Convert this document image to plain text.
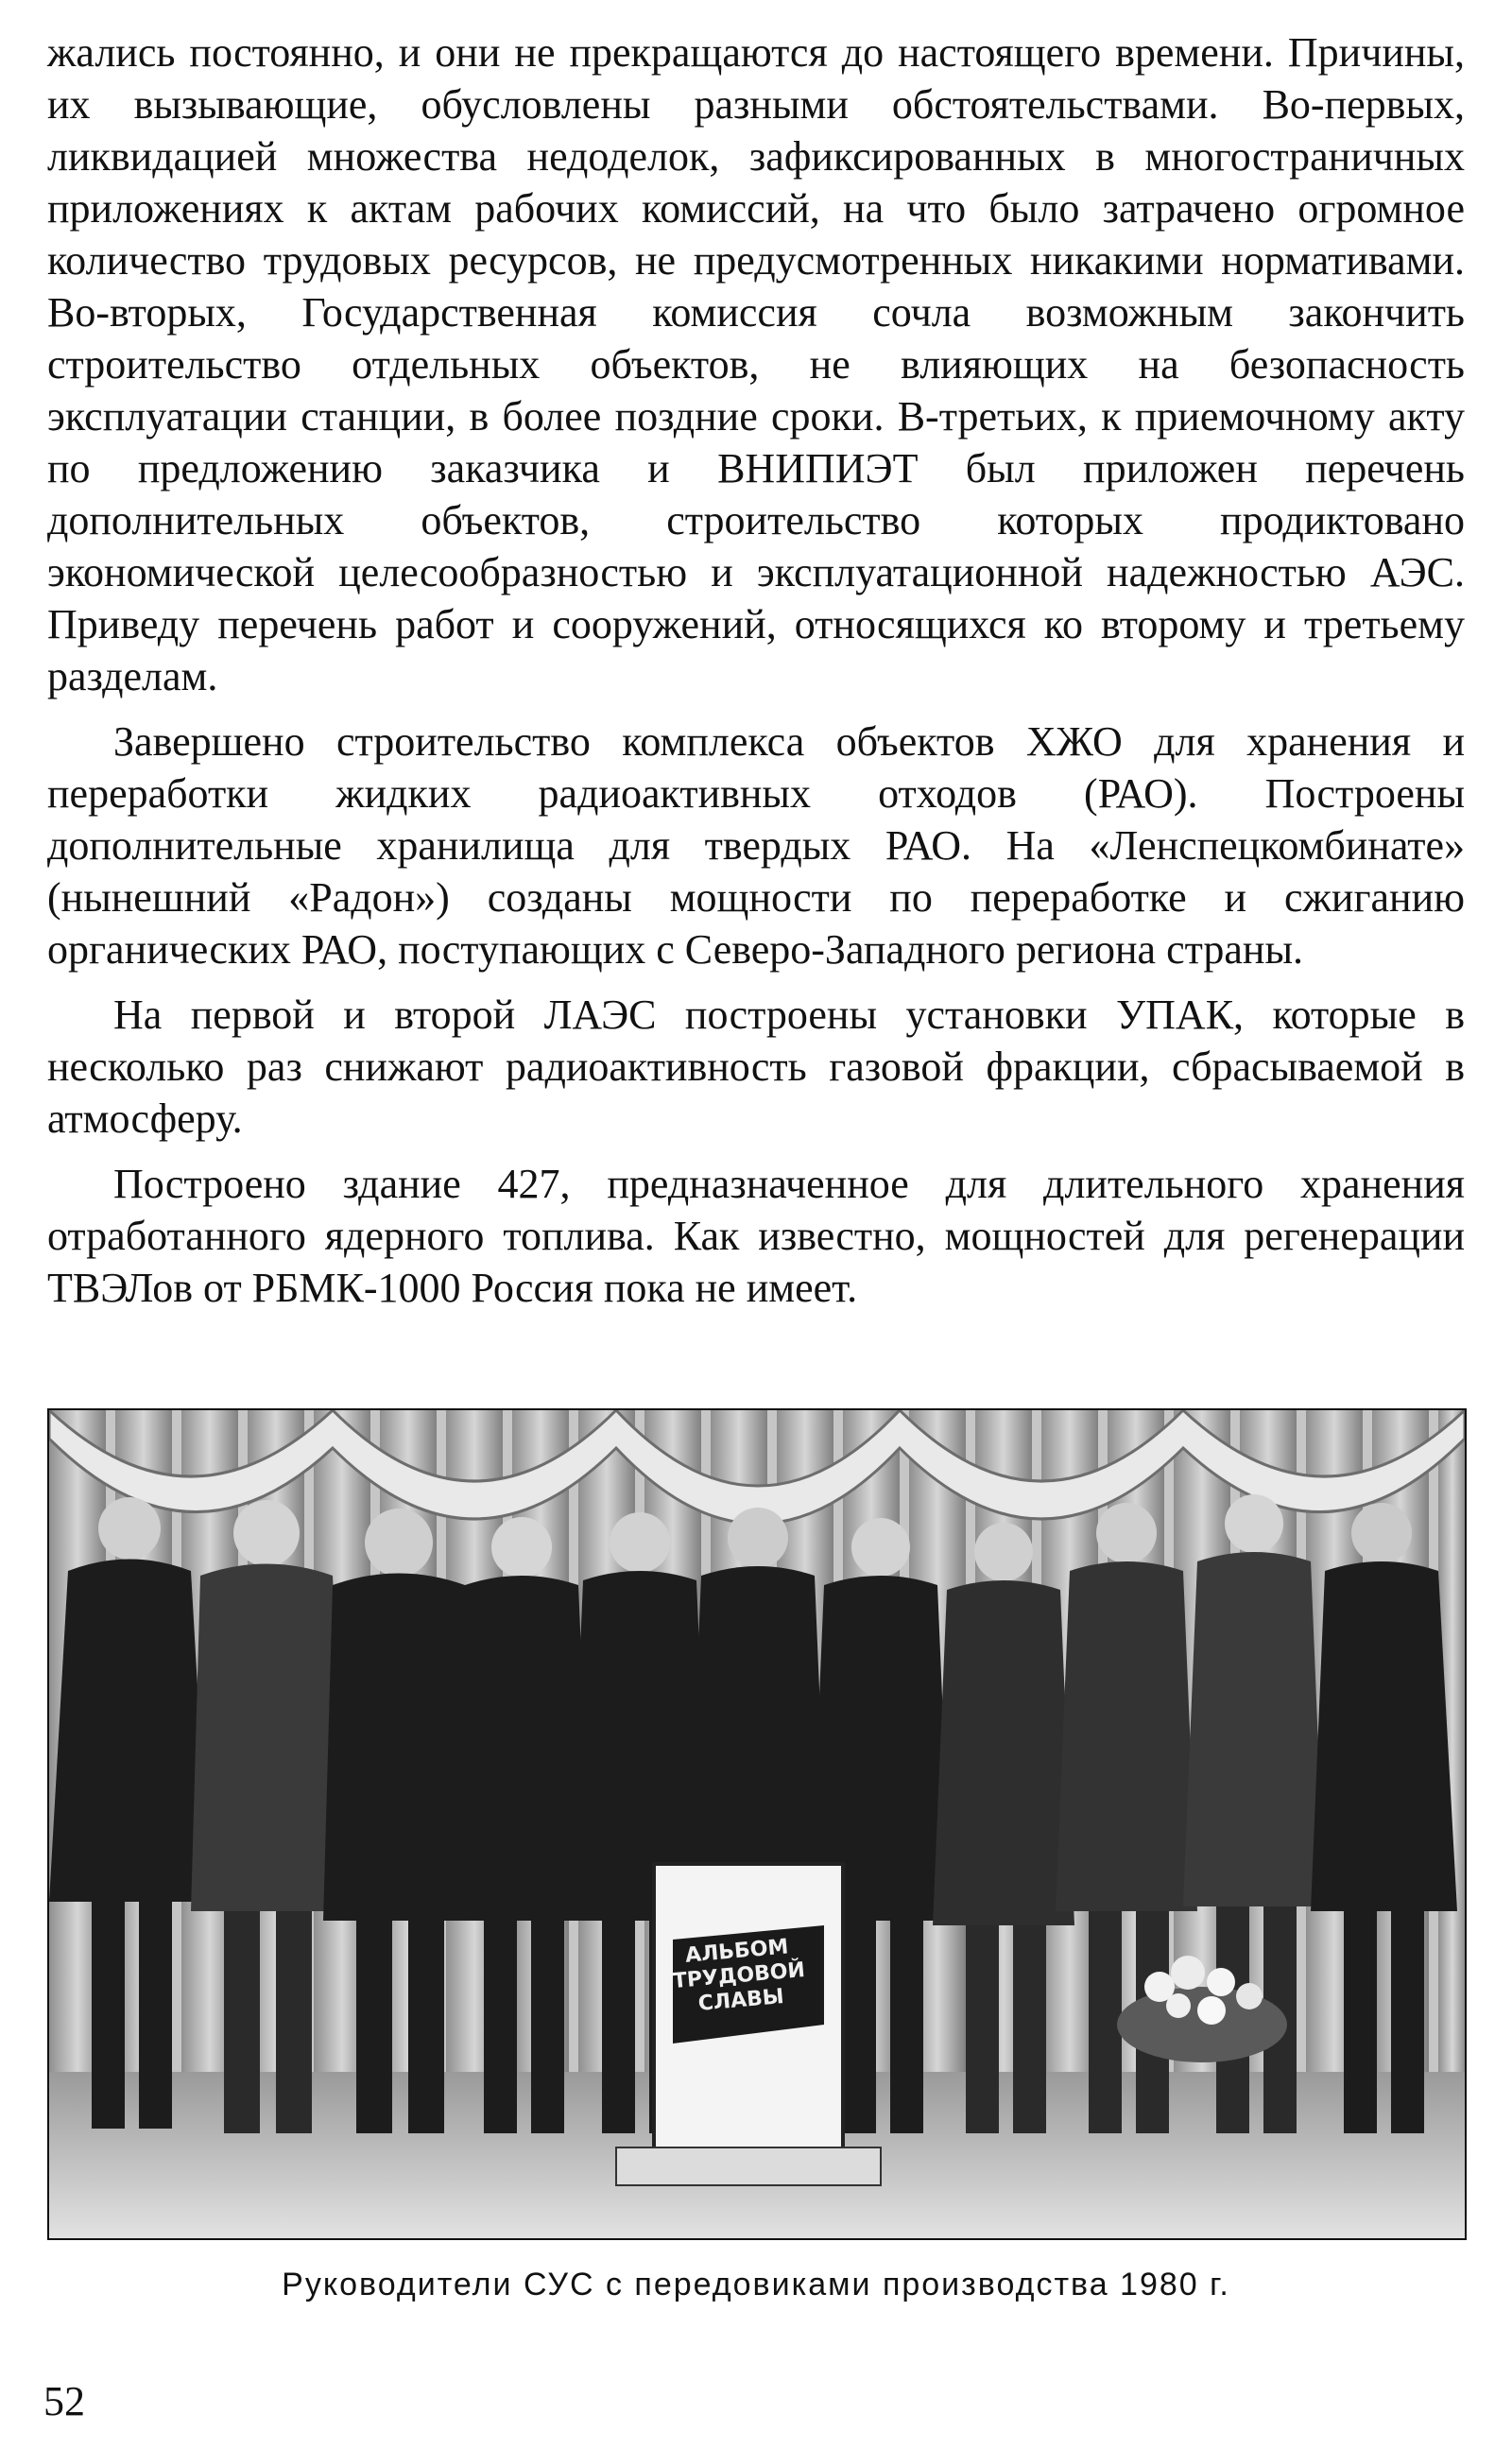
жались постоянно, и они не прекращаются до настоящего времени. Причины, их вызывающие, обусловлены разными обстоятельствами. Во-первых, ликвидацией множества недоделок, зафиксированных в многостраничных приложениях к актам рабочих комиссий, на что было затрачено огромное количество трудовых ресурсов, не предусмотренных никакими нормативами. Во-вторых, Государственная комиссия сочла возможным закончить строительство отдельных объектов, не влияющих на безопасность эксплуатации станции, в более поздние сроки. В-третьих, к приемочному акту по предложению заказчика и ВНИПИЭТ был приложен перечень дополнительных объектов, строительство которых продиктовано экономической целесообразностью и эксплуатационной надежностью АЭС. Приведу перечень работ и сооружений, относящихся ко второму и третьему разделам.

Завершено строительство комплекса объектов ХЖО для хранения и переработки жидких радиоактивных отходов (РАО). Построены дополнительные хранилища для твердых РАО. На «Ленспецкомбинате» (нынешний «Радон») созданы мощности по переработке и сжиганию органических РАО, поступающих с Северо-Западного региона страны.

На первой и второй ЛАЭС построены установки УПАК, которые в несколько раз снижают радиоактивность газовой фракции, сбрасываемой в атмосферу.

Построено здание 427, предназначенное для длительного хранения отработанного ядерного топлива. Как известно, мощностей для регенерации ТВЭЛов от РБМК-1000 Россия пока не имеет.

АЛЬБОМ ТРУДОВОЙ СЛАВЫ
Руководители СУС с передовиками производства 1980 г.
52
